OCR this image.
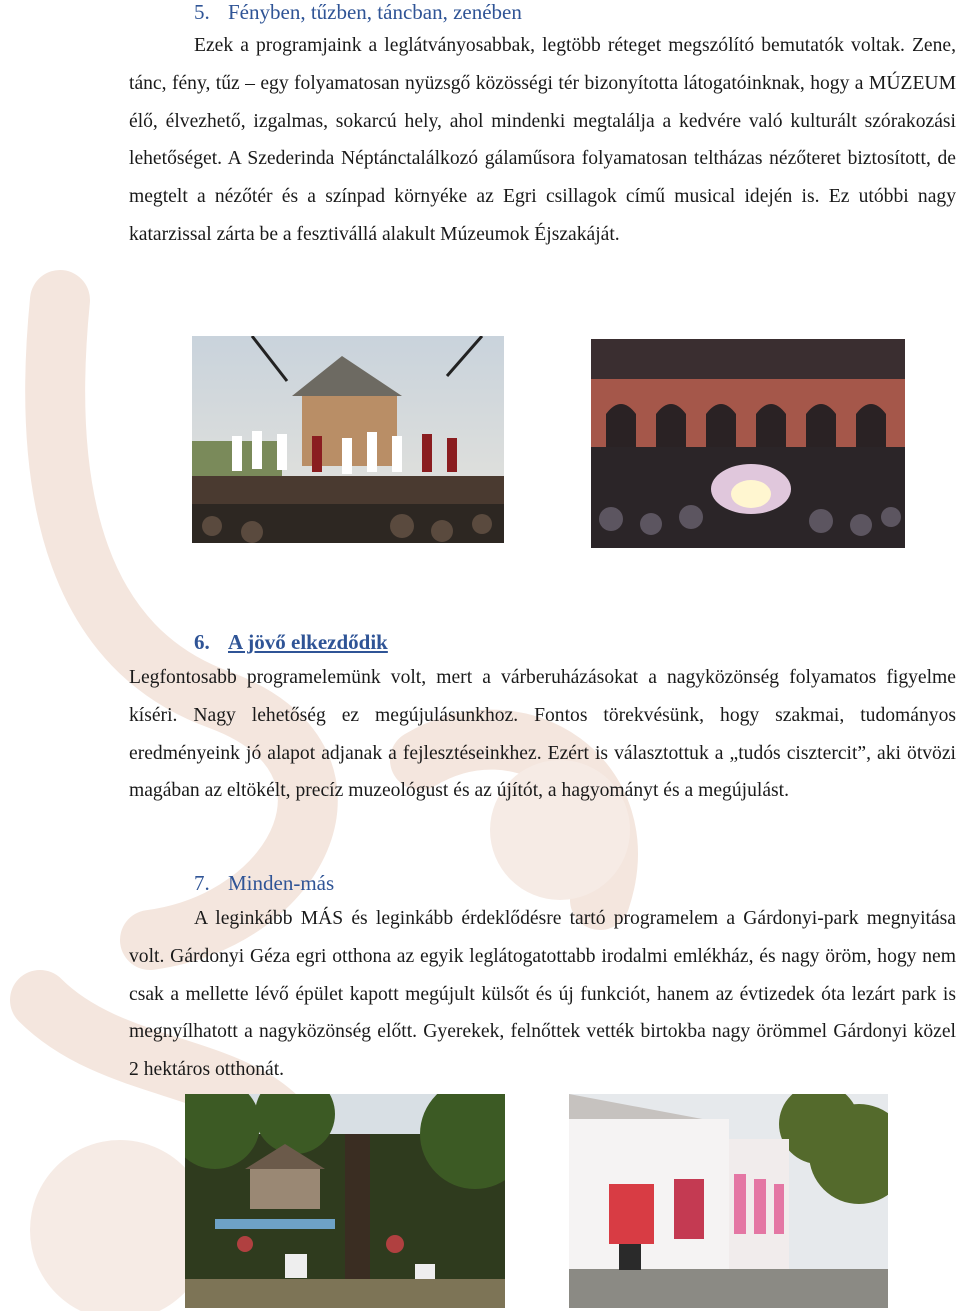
5. Fényben, tűzben, táncban, zenében

Ezek a programjaink a leglátványosabbak, legtöbb réteget megszólító bemutatók voltak. Zene, tánc, fény, tűz – egy folyamatosan nyüzsgő közösségi tér bizonyította látogatóinknak, hogy a MÚZEUM élő, élvezhető, izgalmas, sokarcú hely, ahol mindenki megtalálja a kedvére való kulturált szórakozási lehetőséget. A Szederinda Néptánctalálkozó gálaműsora folyamatosan teltházas nézőteret biztosított, de megtelt a nézőtér és a színpad környéke az Egri csillagok című musical idején is. Ez utóbbi nagy katarzissal zárta be a fesztivállá alakult Múzeumok Éjszakáját.

6. A jövő elkezdődik

Legfontosabb programelemünk volt, mert a várberuházásokat a nagyközönség folyamatos figyelme kíséri. Nagy lehetőség ez megújulásunkhoz. Fontos törekvésünk, hogy szakmai, tudományos eredményeink jó alapot adjanak a fejlesztéseinkhez. Ezért is választottuk a „tudós cisztercit”, aki ötvözi magában az eltökélt, precíz muzeológust és az újítót, a hagyományt és a megújulást.

7. Minden-más

A leginkább MÁS és leginkább érdeklődésre tartó programelem a Gárdonyi-park megnyitása volt. Gárdonyi Géza egri otthona az egyik leglátogatottabb irodalmi emlékház, és nagy öröm, hogy nem csak a mellette lévő épület kapott megújult külsőt és új funkciót, hanem az évtizedek óta lezárt park is megnyílhatott a nagyközönség előtt. Gyerekek, felnőttek vették birtokba nagy örömmel Gárdonyi közel 2 hektáros otthonát.
